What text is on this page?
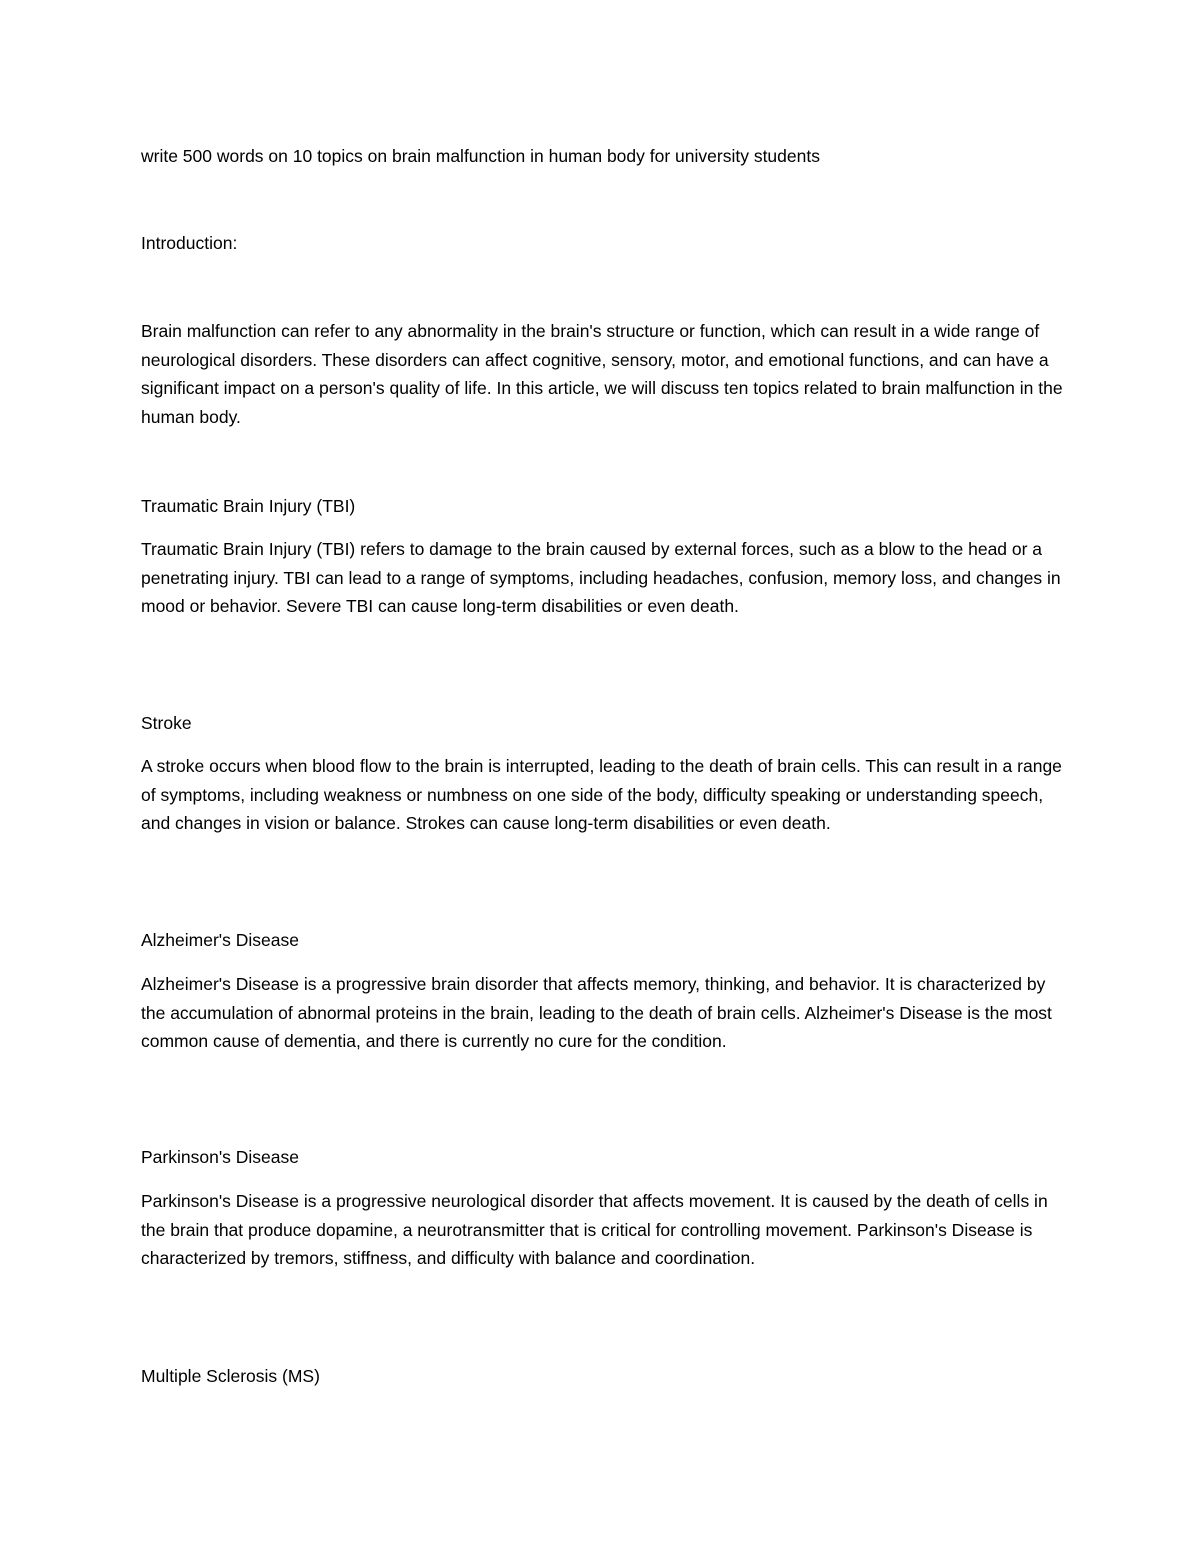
write 500 words on 10 topics on brain malfunction in human body for university students

Introduction:

Brain malfunction can refer to any abnormality in the brain's structure or function, which can result in a wide range of neurological disorders. These disorders can affect cognitive, sensory, motor, and emotional functions, and can have a significant impact on a person's quality of life. In this article, we will discuss ten topics related to brain malfunction in the human body.

Traumatic Brain Injury (TBI)

Traumatic Brain Injury (TBI) refers to damage to the brain caused by external forces, such as a blow to the head or a penetrating injury. TBI can lead to a range of symptoms, including headaches, confusion, memory loss, and changes in mood or behavior. Severe TBI can cause long-term disabilities or even death.

Stroke

A stroke occurs when blood flow to the brain is interrupted, leading to the death of brain cells. This can result in a range of symptoms, including weakness or numbness on one side of the body, difficulty speaking or understanding speech, and changes in vision or balance. Strokes can cause long-term disabilities or even death.

Alzheimer's Disease

Alzheimer's Disease is a progressive brain disorder that affects memory, thinking, and behavior. It is characterized by the accumulation of abnormal proteins in the brain, leading to the death of brain cells. Alzheimer's Disease is the most common cause of dementia, and there is currently no cure for the condition.

Parkinson's Disease

Parkinson's Disease is a progressive neurological disorder that affects movement. It is caused by the death of cells in the brain that produce dopamine, a neurotransmitter that is critical for controlling movement. Parkinson's Disease is characterized by tremors, stiffness, and difficulty with balance and coordination.

Multiple Sclerosis (MS)
